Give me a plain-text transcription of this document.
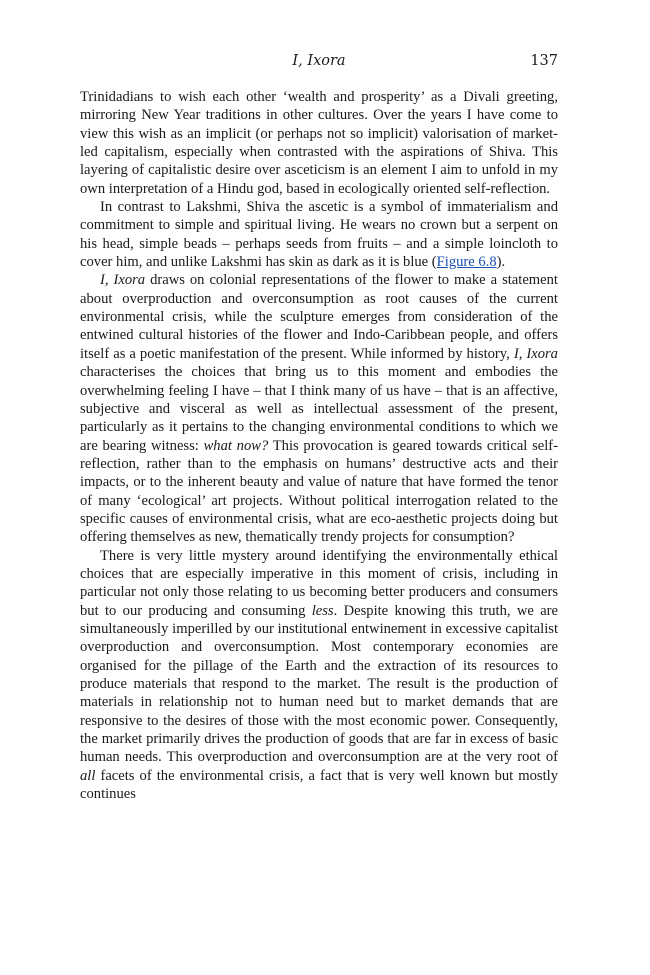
I, Ixora	137

Trinidadians to wish each other ‘wealth and prosperity’ as a Divali greeting, mirroring New Year traditions in other cultures. Over the years I have come to view this wish as an implicit (or perhaps not so implicit) valorisation of market-led capitalism, especially when contrasted with the aspirations of Shiva. This layering of capitalistic desire over asceticism is an element I aim to unfold in my own interpretation of a Hindu god, based in ecologically oriented self-reflection.

In contrast to Lakshmi, Shiva the ascetic is a symbol of immaterialism and commitment to simple and spiritual living. He wears no crown but a serpent on his head, simple beads – perhaps seeds from fruits – and a simple loincloth to cover him, and unlike Lakshmi has skin as dark as it is blue (Figure 6.8).

I, Ixora draws on colonial representations of the flower to make a statement about overproduction and overconsumption as root causes of the current environmental crisis, while the sculpture emerges from consideration of the entwined cultural histories of the flower and Indo-Caribbean people, and offers itself as a poetic manifestation of the present. While informed by history, I, Ixora characterises the choices that bring us to this moment and embodies the overwhelming feeling I have – that I think many of us have – that is an affective, subjective and visceral as well as intellectual assessment of the present, particularly as it pertains to the changing environmental conditions to which we are bearing witness: what now? This provocation is geared towards critical self-reflection, rather than to the emphasis on humans’ destructive acts and their impacts, or to the inherent beauty and value of nature that have formed the tenor of many ‘ecological’ art projects. Without political interrogation related to the specific causes of environmental crisis, what are eco-aesthetic projects doing but offering themselves as new, thematically trendy projects for consumption?

There is very little mystery around identifying the environmentally ethical choices that are especially imperative in this moment of crisis, including in particular not only those relating to us becoming better producers and consumers but to our producing and consuming less. Despite knowing this truth, we are simultaneously imperilled by our institutional entwinement in excessive capitalist overproduction and overconsumption. Most contemporary economies are organised for the pillage of the Earth and the extraction of its resources to produce materials that respond to the market. The result is the production of materials in relationship not to human need but to market demands that are responsive to the desires of those with the most economic power. Consequently, the market primarily drives the production of goods that are far in excess of basic human needs. This overproduction and overconsumption are at the very root of all facets of the environmental crisis, a fact that is very well known but mostly continues
